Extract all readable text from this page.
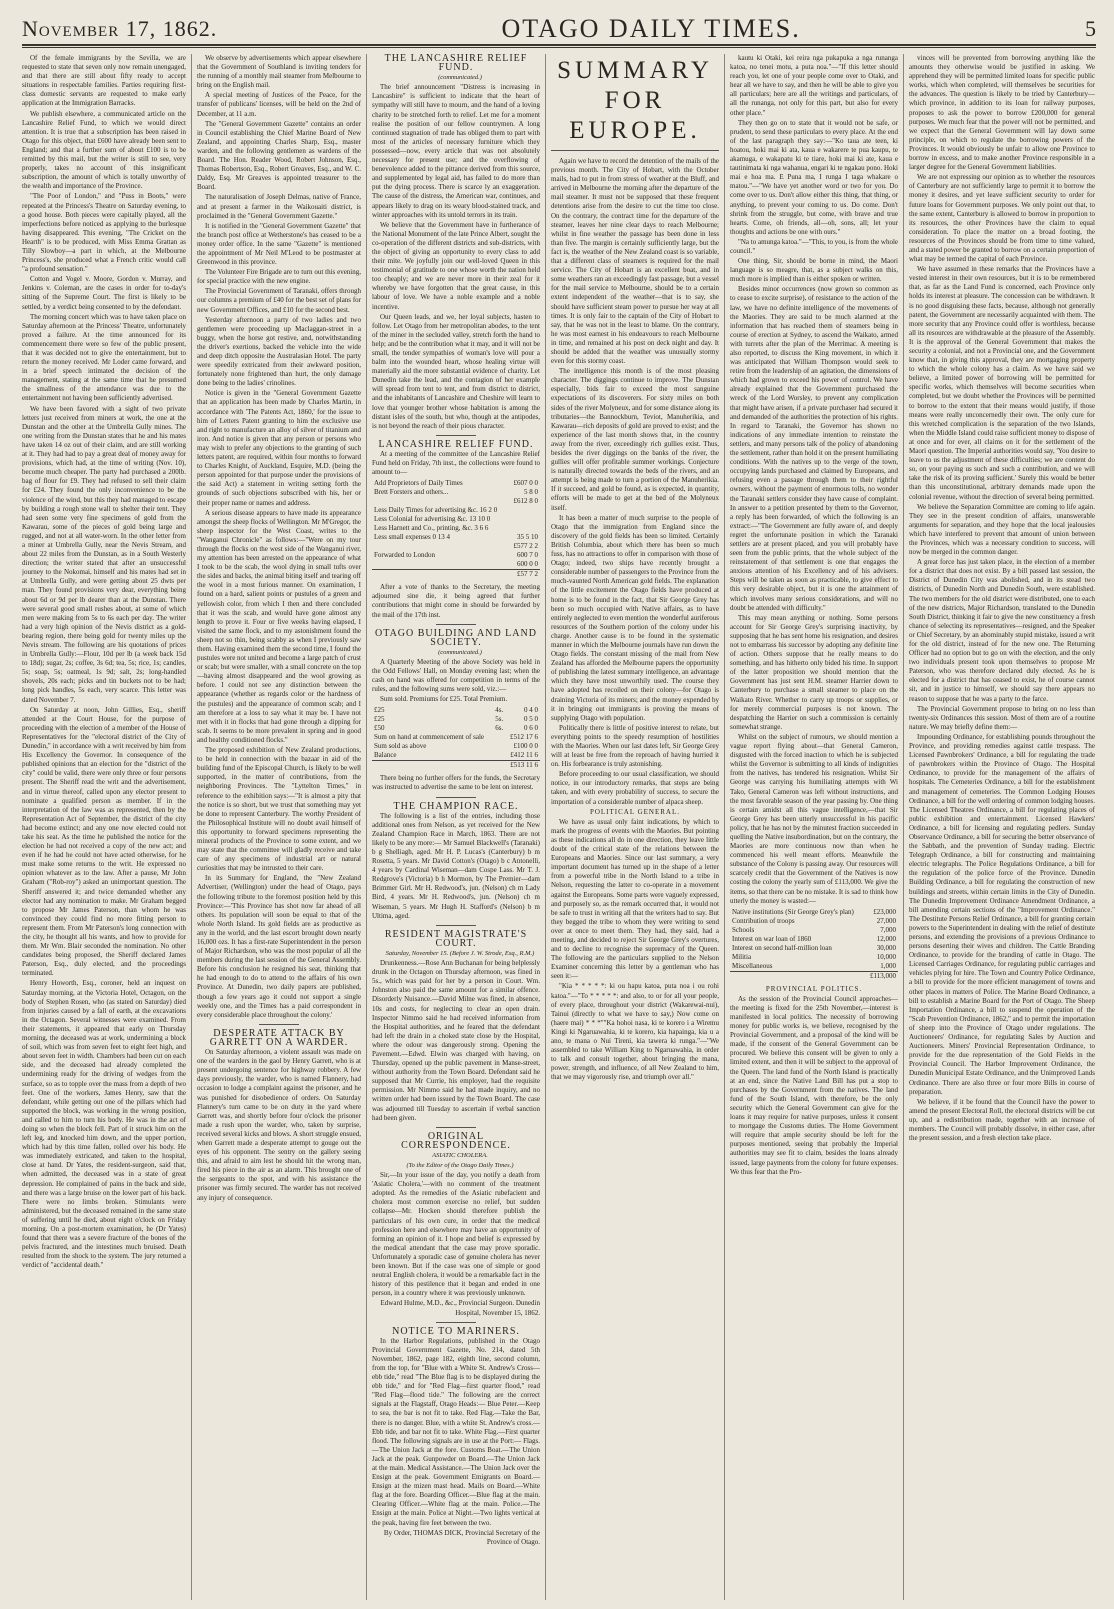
November 17, 1862.	OTAGO DAILY TIMES.	5

Of the female immigrants by the Sevilla, we are requested to state that seven only now remain unengaged, and that there are still about fifty ready to accept situations in respectable families. Parties requiring first-class domestic servants are requested to make early application at the Immigration Barracks.

We publish elsewhere, a communicated article on the Lancashire Relief Fund, to which we would direct attention. It is true that a subscription has been raised in Otago for this object, that £600 have already been sent to England; and that a further sum of about £100 is to be remitted by this mail, but the writer is still to see, very properly, takes no account of this insignificant subscription, the amount of which is totally unworthy of the wealth and importance of the Province.

"The Poor of London," and "Puss in Boots," were repeated at the Princess's Theatre on Saturday evening, to a good house. Both pieces were capitally played, all the imperfections before noticed as applying to the burlesque having disappeared. This evening, "The Cricket on the Hearth" is to be produced, with Miss Emma Grattan as Tilly Slowboy—a part in which, at the Melbourne Princess's, she produced what a French critic would call "a profound sensation."

Cotton and Vogel v. Moore, Gordon v. Murray, and Jenkins v. Coleman, are the cases in order for to-day's sitting of the Supreme Court. The first is likely to be settled, by a verdict being consented to by the defendant.

The morning concert which was to have taken place on Saturday afternoon at the Princess' Theatre, unfortunately proved a failure. At the time announced for its commencement there were so few of the public present, that it was decided not to give the entertainment, but to return the money received. Mr Loder came forward, and in a brief speech intimated the decision of the management, stating at the same time that he presumed the smallness of the attendance was due to the entertainment not having been sufficiently advertised.

We have been favored with a sight of two private letters just received from miners at work, the one at the Dunstan and the other at the Umbrella Gully mines. The one writing from the Dunstan states that he and his mates have taken 14 oz out of their claim, and are still working at it. They had had to pay a great deal of money away for provisions, which had, at the time of writing (Nov. 10), become much cheaper. The party had purchased a 200lb. bag of flour for £9. They had refused to sell their claim for £24. They found the only inconvenience to be the violence of the wind, but this they had managed to escape by building a rough stone wall to shelter their tent. They had seen some very fine specimens of gold from the Kawarau, some of the pieces of gold being large and rugged, and not at all water-worn. In the other letter from a miner at Umbrella Gully, near the Nevis Stream, and about 22 miles from the Dunstan, as in a South Westerly direction; the writer stated that after an unsuccessful journey to the Nokomai, himself and his mates had set in at Umbrella Gully, and were getting about 25 dwts per man. They found provisions very dear, everything being about 6d or 9d per lb dearer than at the Dunstan. There were several good small rushes about, at some of which men were making from 5s to 6s each per day. The writer had a very high opinion of the Nevis district as a gold-bearing region, there being gold for twenty miles up the Nevis stream. The following are his quotations of prices in Umbrella Gully:—Flour, 10d per lb (a week back 15d to 18d); sugar, 2s; coffee, 3s 6d; tea, 5s; rice, 1s; candles, 5s; soap, 5s; oatmeal, 1s 9d; salt, 2s; long-handled shovels, 20s each; picks and tin buckets not to be had; long pick handles, 5s each, very scarce. This letter was dated November 7.

On Saturday at noon, John Gillies, Esq., sheriff attended at the Court House, for the purpose of proceeding with the election of a member of the House of Representatives for the "electoral district of the City of Dunedin," in accordance with a writ received by him from His Excellency the Governor. In consequence of the published opinions that an election for the "district of the city" could be valid, there were only three or four persons present. The Sheriff read the writ and the advertisement, and in virtue thereof, called upon any elector present to nominate a qualified person as member. If in the interpretation of the law was as represented, then by the Representation Act of September, the district of the city had become extinct; and any one now elected could not take his seat. As the time he published the notice for the election he had not received a copy of the new act; and even if he had he could not have acted otherwise, for he must make some returns to the writ. He expressed no opinion whatever as to the law. After a pause, Mr John Graham ("Rob-roy") asked an unimportant question. The Sheriff answered it; and twice demanded whether any elector had any nomination to make. Mr Graham begged to propose Mr James Paterson, than whom he was convinced they could find no more fitting person to represent them. From Mr Paterson's long connection with the city, he thought all his wants, and how to provide for them. Mr Wm. Blair seconded the nomination. No other candidates being proposed, the Sheriff declared James Paterson, Esq., duly elected, and the proceedings terminated.

Henry Howorth, Esq., coroner, held an inquest on Saturday morning, at the Victoria Hotel, Octagon, on the body of Stephen Rosen, who (as stated on Saturday) died from injuries caused by a fall of earth, at the excavations in the Octagon. Several witnesses were examined. From their statements, it appeared that early on Thursday morning, the deceased was at work, undermining a block of soil, which was from seven feet to eight feet high, and about seven feet in width. Chambers had been cut on each side, and the deceased had already completed the undermining ready for the driving of wedges from the surface, so as to topple over the mass from a depth of two feet. One of the workers, James Henry, saw that the defendant, while getting out one of the pillars which had supported the block, was working in the wrong position, and called to him to turn his body. He was in the act of doing so when the block fell. Part of it struck him on the left leg, and knocked him down, and the upper portion, which had by this time fallen, rolled over his body. He was immediately extricated, and taken to the hospital, close at hand. Dr Yates, the resident-surgeon, said that, when admitted, the deceased was in a state of great depression. He complained of pains in the back and side, and there was a large bruise on the lower part of his back. There were no limbs broken. Stimulants were administered, but the deceased remained in the same state of suffering until he died, about eight o'clock on Friday morning. On a post-mortem examination, he (Dr Yates) found that there was a severe fracture of the bones of the pelvis fractured, and the intestines much bruised. Death resulted from the shock to the system. The jury returned a verdict of "accidental death."

We observe by advertisements which appear elsewhere that the Government of Southland is inviting tenders for the running of a monthly mail steamer from Melbourne to bring on the English mail.

A special meeting of Justices of the Peace, for the transfer of publicans' licenses, will be held on the 2nd of December, at 11 a.m.

The "General Government Gazette" contains an order in Council establishing the Chief Marine Board of New Zealand, and appointing Charles Sharp, Esq., master warden, and the following gentlemen as wardens of the Board. The Hon. Reader Wood, Robert Johnson, Esq., Thomas Robertson, Esq., Robert Greaves, Esq., and W. C. Daldy, Esq. Mr Greaves is appointed treasurer to the Board.

The naturalisation of Joseph Delmas, native of France, and at present a farmer in the Waikouaiti district, is proclaimed in the "General Government Gazette."

It is notified in the "General Government Gazette" that the branch post office at Wetherstone's has ceased to be a money order office. In the same "Gazette" is mentioned the appointment of Mr Neil M'Leod to be postmaster at Greenwood in this province.

The Volunteer Fire Brigade are to turn out this evening, for special practice with the new engine.

The Provincial Government of Taranaki, offers through our columns a premium of £40 for the best set of plans for new Government Offices, and £10 for the second best.

Yesterday afternoon a party of two ladies and two gentlemen were proceeding up Maclaggan-street in a buggy, when the horse got restive, and, notwithstanding the driver's exertions, backed the vehicle into the wide and deep ditch opposite the Australasian Hotel. The party were speedily extricated from their awkward position, fortunately none frightened than hurt, the only damage done being to the ladies' crinolines.

Notice is given in the "General Government Gazette that an application has been made by Charles Martin, in accordance with 'The Patents Act, 1860,' for the issue to him of Letters Patent granting to him the exclusive use and right to manufacture an alloy of silver of titanium and iron. And notice is given that any person or persons who may wish to prefer any objections to the granting of such letters patent, are required, within four months to forward to Charles Knight, of Auckland, Esquire, M.D. (being the person appointed for that purpose under the provisions of the said Act) a statement in writing setting forth the grounds of such objections subscribed with his, her or their proper name or names and address.

A serious disease appears to have made its appearance amongst the sheep flocks of Wellington. Mr M'Gregor, the sheep inspector for the West Coast, writes to the "Wanganui Chronicle" as follows:—"Were on my tour through the flocks on the west side of the Wanganui river, my attention has been arrested on the appearance of what I took to be the scab, the wool dying in small tufts over the sides and backs, the animal biting itself and tearing off the wool in a most furious manner. On examination, I found on a hard, salient points or pustules of a green and yellowish color, from which I then and there concluded that it was the scab, and would have gone almost any length to prove it. Four or five weeks having elapsed, I visited the same flock, and to my astonishment found the sheep not so thin, being scabby as when I previously saw them. Having examined them the second time, I found the pustules were not united and become a large patch of crust or scab; but were smaller, with a small concrete on the top—having almost disappeared and the wool growing as before. I could not see any distinction between the appearance (whether as regards color or the hardness of the pustules) and the appearance of common scab; and I am therefore at a loss to say what it may be. I have not met with it in flocks that had gone through a dipping for scab. It seems to be more prevalent in spring and in good and healthy conditioned flocks."

The proposed exhibition of New Zealand productions, to be held in connection with the bazaar in aid of the building fund of the Episcopal Church, is likely to be well supported, in the matter of contributions, from the neighboring Provinces. The "Lyttelton Times," in reference to the exhibition says:—"It is almost a pity that the notice is so short, but we trust that something may yet be done to represent Canterbury. The worthy President of the Philosophical Institute will no doubt avail himself of this opportunity to forward specimens representing the mineral products of the Province to some extent, and we may state that the committee will gladly receive and take care of any specimens of industrial art or natural curiosities that may be intrusted to their care.

In its Summary for England, the "New Zealand Advertiser, (Wellington) under the head of Otago, pays the following tribute to the foremost position held by this Province:—'This Province has shot now far ahead of all others. Its population will soon be equal to that of the whole North Island. Its gold fields are as productive as any in the world, and the last escort brought down nearly 16,000 ozs. It has a first-rate Superintendent in the person of Major Richardson, who was the most popular of all the members during the last session of the General Assembly. Before his conclusion he resigned his seat, thinking that he had enough to do to attend to the affairs of his own Province. At Dunedin, two daily papers are published, though a few years ago it could not support a single weekly one, and the Times has a paid correspondent in every considerable place throughout the colony.'

DESPERATE ATTACK BY GARRETT ON A WARDER.

On Saturday afternoon, a violent assault was made on one of the warders in the gaol by Henry Garrett, who is at present undergoing sentence for highway robbery. A few days previously, the warder, who is named Flannery, had occasion to lodge a complaint against the prisoner, and he was punished for disobedience of orders. On Saturday Flannery's turn came to be on duty in the yard where Garrett was, and shortly before four o'clock the prisoner made a rush upon the warder, who, taken by surprise, received several kicks and blows. A short struggle ensued, when Garrett made a desperate attempt to gouge out the eyes of his opponent. The sentry on the gallery seeing this, and afraid to aim lest he should hit the wrong man, fired his piece in the air as an alarm. This brought one of the sergeants to the spot, and with his assistance the prisoner was firmly secured. The warder has not received any injury of consequence.

THE LANCASHIRE RELIEF FUND.

(communicated.)

The brief announcement "Distress is increasing in Lancashire" is sufficient to indicate that the heart of sympathy will still have to mourn, and the hand of a loving charity to be stretched forth to relief. Let me for a moment realise the position of our fellow countrymen. A long continued stagnation of trade has obliged them to part with most of the articles of necessary furniture which they possessed—now, every article that was not absolutely necessary for present use; and the overflowing of benevolence added to the pittance derived from this source, and supplemented by legal aid, has failed to do more than put the dying process. There is scarce ly an exaggeration. The cause of the distress, the American war, continues, and appears likely to drag on its weary blood-stained track, and winter approaches with its untold terrors in its train.

We believe that the Government have in furtherance of the National Monument of the late Prince Albert, sought the co-operation of the different districts and sub-districts, with the object of giving an opportunity to every class to add their mite. We joyfully join our well-loved Queen in this testimonial of gratitude to one whose worth the nation held too cheaply; and we are never more in their zeal for it whereby we have forgotten that the great cause, in this labour of love. We have a noble example and a noble incentive.

Our Queen leads, and we, her loyal subjects, hasten to follow. Let Otago from her metropolitan abodes, to the tent of the miner in the secluded valley, stretch forth the hand to help; and be the contribution what it may, and it will not be small, the tender sympathies of woman's love will pour a balm into the wounded heart, whose healing virtue will materially aid the more substantial evidence of charity. Let Dunedin take the lead, and the contagion of her example will spread from tent to tent, and from district to district, and the inhabitants of Lancashire and Cheshire will learn to love that younger brother whose habitation is among the distant isles of the south, but who, though at the antipodes, is not beyond the reach of their pious character.

LANCASHIRE RELIEF FUND.

At a meeting of the committee of the Lancashire Relief Fund held on Friday, 7th inst., the collections were found to amount to—

Add Proprietors of Daily Times	£607 0 0
Brett Forsters and others...	5 8 0
	£612 8 0
Less Daily Times for advertising &c. 16 2 0	
Less Colonial for advertising &c. 13 10 0	
Less Harnett and Co., printing, &c. 3 6 6	
Less small expenses 0 13 4	35 5 10
	£577 2 2
Forwarded to London	600 7 0
	600 0 0
	£57 7 2

After a vote of thanks to the Secretary, the meeting adjourned sine die, it being agreed that further contributions that might come in should be forwarded by the mail of the 17th inst.

OTAGO BUILDING AND LAND SOCIETY.

(communicated.)

A Quarterly Meeting of the above Society was held in the Odd Fellows' Hall, on Monday evening last; when the cash on hand was offered for competition in terms of the rules, and the following sums were sold, viz.:—

Sum sold. Premiums for £25. Total Premium.

£25	4s.	0 4 0
£25	5s.	0 5 0
£50	6s.	0 6 0
Sum on hand at commencement of sale		£512 17 6
Sum sold as above		£100 0 0
Balance		£412 11 6
		£513 11 6

There being no further offers for the funds, the Secretary was instructed to advertise the same to be lent on interest.

THE CHAMPION RACE.

The following is a list of the entries, including those additional ones from Nelson, as yet received for the New Zealand Champion Race in March, 1863. There are not likely to be any more:— Mr Samuel Blackwell's (Taranaki) b g Shelliagh, aged. Mr H. P. Lucas's (Canterbury) b m Rosetta, 5 years. Mr David Cotton's (Otago) b c Antonelli, 4 years by Cardinal Wiseman—dam Cospe Lass. Mr T. J. Redgrove's (Victoria) b h Mormon, by The Premier—dam Brimmer Girl. Mr H. Redwood's, jun. (Nelson) ch m Lady Bird, 4 years. Mr H. Redwood's, jun. (Nelson) ch m Wiseman, 5 years. Mr Hugh H. Stafford's (Nelson) b m Ultima, aged.

RESIDENT MAGISTRATE'S COURT.

Saturday, November 15. (Before J. W. Strode, Esq., R.M.)

Drunkenness.—Rose Ann Buchanan for being helplessly drunk in the Octagon on Thursday afternoon, was fined in 5s., which was paid for her by a person in Court. Wm. Johnston also paid the same amount for a similar offence. Disorderly Nuisance.—David Milne was fined, in absence, 10s and costs, for neglecting to clear an open drain. Inspector Nimmo said he had received information from the Hospital authorities, and he feared that the defendant had left the drain in a choked state close by the Hospital, where the odour was dangerously strong. Opening the Pavement.—Edwd. Elwin was charged with having, on Thursday, opened up the public pavement in Manse-street, without authority from the Town Board. Defendant said he supposed that Mr Currie, his employer, had the requisite permission. Mr Nimmo said he had made inquiry, and no written order had been issued by the Town Board. The case was adjourned till Tuesday to ascertain if verbal sanction had been given.

ORIGINAL CORRESPONDENCE.

ASIATIC CHOLERA.

(To the Editor of the Otago Daily Times.)

Sir,—In your issue of the day, you notify a death from 'Asiatic Cholera,'—with no comment of the treatment adopted. As the remedies of the Asiatic rubefacient and cholera most common exercise no relief, but sudden collapse—Mr. Hocken should therefore publish the particulars of his own cure, in order that the medical profession here and elsewhere may have an opportunity of forming an opinion of it. I hope and belief is expressed by the medical attendant that the case may prove sporadic. Unfortunately a sporadic case of genuine cholera has never been known. But if the case was one of simple or good neutral English cholera, it would be a remarkable fact in the history of this pestilence that it began and ended in one person, in a country where it was previously unknown.

Edward Hulme, M.D., &c., Provincial Surgeon. Dunedin Hospital, November 15, 1862.

NOTICE TO MARINERS.

In the Harbor Regulations, published in the Otago Provincial Government Gazette, No. 214, dated 5th November, 1862, page 182, eighth line, second column, from the top, for "Blue with a White St. Andrew's Cross—ebb tide," read "The Blue flag is to be displayed during the ebb tide," and for "Red Flag—first quarter flood," read "Red Flag—flood tide." The following are the correct signals at the Flagstaff, Otago Heads:— Blue Peter.—Keep to sea, the bar is not fit to take. Red Flag.—Take the Bar, there is no danger. Blue, with a white St. Andrew's cross.—Ebb tide, and bar not fit to take. White Flag.—First quarter flood. The following signals are in use at the Port:— Flags.—The Union Jack at the fore. Customs Boat.—The Union Jack at the peak. Gunpowder on Board.—The Union Jack at the main. Medical Assistance.—The Union Jack over the Ensign at the peak. Government Emigrants on Board.—Ensign at the mizen mast head. Mails on Board.—White flag at the fore. Boarding Officer.—Blue flag at the main. Clearing Officer.—White flag at the main. Police.—The Ensign at the main. Police at Night.—Two lights vertical at the peak, having fire feet between the two.

By Order, THOMAS DICK, Provincial Secretary of the Province of Otago.

SUMMARY
FOR EUROPE.

Again we have to record the detention of the mails of the previous month. The City of Hobart, with the October mails, had to put in from stress of weather at the Bluff, and arrived in Melbourne the morning after the departure of the mail steamer. It must not be supposed that these frequent detentions arise from the desire to cut the time too close. On the contrary, the contract time for the departure of the steamer, leaves her nine clear days to reach Melbourne; whilst in fine weather the passage has been done in less than five. The margin is certainly sufficiently large, but the fact is, the weather of the New Zealand coast is so variable, that a different class of steamers is required for the mail service. The City of Hobart is an excellent boat, and in some weathers ran an exceedingly fast passage, but a vessel for the mail service to Melbourne, should be to a certain extent independent of the weather—that is to say, she should have sufficient steam power to pursue her way at all times. It is only fair to the captain of the City of Hobart to say, that he was not in the least to blame. On the contrary, he was most earnest in his endeavours to reach Melbourne in time, and remained at his post on deck night and day. It should be added that the weather was unusually stormy even for this stormy coast.

The intelligence this month is of the most pleasing character. The diggings continue to improve. The Dunstan especially, bids fair to exceed the most sanguine expectations of its discoverers. For sixty miles on both sides of the river Molyneux, and for some distance along its tributaries—the Bannockburn, Teviot, Manuherikia, and Kawarau—rich deposits of gold are proved to exist; and the experience of the last month shows that, in the country away from the river, exceedingly rich gullies exist. Thus, besides the river diggings on the banks of the river, the gullies will offer profitable summer workings. Conjecture is naturally directed towards the beds of the rivers, and an attempt is being made to turn a portion of the Manuherikia. If it succeed, and gold be found, as is expected, in quantity, efforts will be made to get at the bed of the Molyneux itself.

It has been a matter of much surprise to the people of Otago that the immigration from England since the discovery of the gold fields has been so limited. Certainly British Columbia, about which there has been so much fuss, has no attractions to offer in comparison with those of Otago; indeed, two ships have recently brought a considerable number of passengers to the Province from the much-vaunted North American gold fields. The explanation of the little excitement the Otago fields have produced at home is to be found in the fact, that Sir George Grey has been so much occupied with Native affairs, as to have entirely neglected to even mention the wonderful auriferous resources of the Southern portion of the colony under his charge. Another cause is to be found in the systematic manner in which the Melbourne journals have run down the Otago fields. The constant missing of the mail from New Zealand has afforded the Melbourne papers the opportunity of publishing the latest summary intelligence, an advantage which they have most unworthily used. The course they have adopted has recoiled on their colony—for Otago is draining Victoria of its miners; and the money expended by it in bringing out immigrants is proving the means of supplying Otago with population.

Politically there is little of positive interest to relate, but everything points to the speedy resumption of hostilities with the Maories. When our last dates left, Sir George Grey will at least be free from the reproach of having hurried it on. His forbearance is truly astonishing.

Before proceeding to our usual classification, we should notice, in our introductory remarks, that steps are being taken, and with every probability of success, to secure the importation of a considerable number of alpaca sheep.

POLITICAL GENERAL.

We have as usual only faint indications, by which to mark the progress of events with the Maories. But pointing as these indications all do in one direction, they leave little doubt of the critical state of the relations between the Europeans and Maories. Since our last summary, a very important document has turned up in the shape of a letter from a powerful tribe in the North Island to a tribe in Nelson, requesting the latter to co-operate in a movement against the Europeans. Some parts were vaguely expressed, and purposely so, as the remark occurred that, it would not be safe to trust in writing all that the writers had to say. But they begged the tribe to whom they were writing to send over at once to meet them. They had, they said, had a meeting, and decided to reject Sir George Grey's overtures, and to decline to recognise the supremacy of the Queen. The following are the particulars supplied to the Nelson Examiner concerning this letter by a gentleman who has seen it:—

"Kia * * * * *: ki ou hapu katoa, puta noa i ou rohi katoa."—"To * * * * *: and also, to or for all your people, of every place, throughout your district (Wakarewai-nui), Tainui (directly to what we have to say,) Now come on (haere mai) * * *""Ka hohoi nasa, ki te korero i a Wiremu Kingi ki Ngaruawahia, ki te korero, kia hapainga, kia u a ano, te mana o Nui Tireni, kia tawera ki runga."—"We assembled to take William King to Ngaruawahia, in order to talk and consult together, about bringing the mana, power, strength, and influence, of all New Zealand to him, that we may vigorously rise, and triumph over all."

kautu ki Otaki, kei reira nga pukapuka a nga runanga katoa, no tenei motu, a puta noa."—"If this letter should reach you, let one of your people come over to Otaki, and hear all we have to say, and then he will be able to give you all particulars; here are all the writings and particulars, of all the runanga, not only for this part, but also for every other place."

They then go on to state that it would not be safe, or prudent, to send these particulars to every place. At the end of the last paragraph they say:—"Ko taua ate teen, ki hoatou, hoki mai ki ata, kaua e wakarere te pua kaupu, te akamuga, e wakapatu ki te tiare, hoki mai ki ate, kaua e tautinimata ki nga wahanua, engari ki te ngakau pono. Hoki mai e hoa ma. E Puna ma, I runga I taga whakare o matou."—"We have yet another word or two for you. Do come over to us. Don't allow either this thing, that thing, or anything, to prevent your coming to us. Do come. Don't shrink from the struggle, but come, with brave and true hearts. Come, oh friends, all—oh, sons, all; let your thoughts and actions be one with ours."

"Na to amunga katoa."—"This, to you, is from the whole council."

One thing, Sir, should be borne in mind, the Maori language is so meagre, that, as a subject walks on this, much more is implied than is either spoken or written.

Besides minor occurrences (now grown so common as to cease to excite surprise), of resistance to the action of the law, we have no definite intelligence of the movements of the Maories. They are said to be much alarmed at the information that has reached them of steamers being in course of erection at Sydney, to ascend the Waikato, armed with turrets after the plan of the Merrimac. A meeting is also reported, to discuss the King movement, in which it was anticipated that William Thompson would seek to retire from the leadership of an agitation, the dimensions of which had grown to exceed his power of control. We have already explained that the Government purchased the wreck of the Lord Worsley, to prevent any complication that might have arisen, if a private purchaser had secured it and demanded of the authorities the protection of his rights. In regard to Taranaki, the Governor has shown no indications of any immediate intention to reinstate the settlers, and many persons talk of the policy of abandoning the settlement, rather than hold it on the present humiliating conditions. With the natives up to the verge of the town, occupying lands purchased and claimed by Europeans, and refusing even a passage through them to their rightful owners, without the payment of enormous tolls, no wonder the Taranaki settlers consider they have cause of complaint. In answer to a petition presented by them to the Governor, a reply has been forwarded, of which the following is an extract:—"The Government are fully aware of, and deeply regret the unfortunate position in which the Taranaki settlers are at present placed, and you will probably have seen from the public prints, that the whole subject of the reinstatement of that settlement is one that engages the anxious attention of his Excellency and of his advisers. Steps will be taken as soon as practicable, to give effect to this very desirable object, but it is one the attainment of which involves many serious considerations, and will no doubt be attended with difficulty."

This may mean anything or nothing. Some persons account for Sir George Grey's surprising inactivity, by supposing that he has sent home his resignation, and desires not to embarrass his successor by adopting any definite line of action. Others suppose that he really means to do something, and has hitherto only bided his time. In support of the latter proposition we should mention that the Government has just sent H.M. steamer Harrier down to Canterbury to purchase a small steamer to place on the Waikato River. Whether to carry up troops or supplies, or for merely commercial purposes is not known. The despatching the Harrier on such a commission is certainly somewhat strange.

Whilst on the subject of rumours, we should mention a vague report flying about—that General Cameron, disgusted with the forced inaction to which he is subjected whilst the Governor is submitting to all kinds of indignities from the natives, has tendered his resignation. Whilst Sir George was carrying his humiliating attempts with Wi Tako, General Cameron was left without instructions, and the most favorable season of the year passing by. One thing is certain amidst all this vague intelligence,—that Sir George Grey has been utterly unsuccessful in his pacific policy, that he has not by the minutest fraction succeeded in quelling the Native insubordination, but on the contrary, the Maories are more continuous now than when he commenced his well meant efforts. Meanwhile the substance of the Colony is passing away. Our resources will scarcely credit that the Government of the Natives is now costing the colony the yearly sum of £113,000. We give the items, so that there can be no mistake. It is sad to think how utterly the money is wasted:—

Native institutions (Sir George Grey's plan)	£23,000
Contribution of troops	27,000
Schools	7,000
Interest on war loan of 1860	12,000
Interest on second half-million loan	30,000
Militia	10,000
Miscellaneous	1,000
	£113,000

PROVINCIAL POLITICS.

As the session of the Provincial Council approaches—the meeting is fixed for the 25th November,—interest is manifested in local politics. The necessity of borrowing money for public works is, we believe, recognised by the Provincial Government, and a proposal of the kind will be made, if the consent of the General Government can be procured. We believe this consent will be given to only a limited extent, and then it will be subject to the approval of the Queen. The land fund of the North Island is practically at an end, since the Native Land Bill has put a stop to purchases by the Government from the natives. The land fund of the South Island, with therefore, be the only security which the General Government can give for the loans it may require for native purposes, unless it consent to mortgage the Customs duties. The Home Government will require that ample security should be left for the purposes mentioned, seeing that probably the Imperial authorities may see fit to claim, besides the loans already issued, large payments from the colony for future expenses. We thus fear that the Pro-

vinces will be prevented from borrowing anything like the amounts they otherwise would be justified in asking. We apprehend they will be permitted limited loans for specific public works, which when completed, will themselves be securities for the advances. The question is likely to be tried by Canterbury—which province, in addition to its loan for railway purposes, proposes to ask the power to borrow £200,000 for general purposes. We much fear that the power will not be permitted, and we expect that the General Government will lay down some principle, on which to regulate the borrowing powers of the Provinces. It would obviously be unfair to allow one Province to borrow in excess, and to make another Province responsible in a larger degree for the General Government liabilities.

We are not expressing our opinion as to whether the resources of Canterbury are not sufficiently large to permit it to borrow the money it desires, and yet leave sufficient security to order for future loans for Government purposes. We only point out that, to the same extent, Canterbury is allowed to borrow in proportion to its resources, the other Provinces have the claim to equal consideration. To place the matter on a broad footing, the resources of the Provinces should be from time to time valued, and a stated power be granted to borrow on a certain proportion of what may be termed the capital of each Province.

We have assumed in these remarks that the Provinces have a vested interest in their own resources, but it is to be remembered that, as far as the Land Fund is concerned, each Province only holds its interest at pleasure. The concession can be withdrawn. It is no good disguising these facts, because, although not generally patent, the Government are necessarily acquainted with them. The more security that any Province could offer is worthless, because all its resources are withdrawable at the pleasure of the Assembly. It is the approval of the General Government that makes the security a colonial, and not a Provincial one, and the Government know that, in giving this approval, they are mortgaging property to which the whole colony has a claim. As we have said we believe, a limited power of borrowing will be permitted for specific works, which themselves will become securities when completed, but we doubt whether the Provinces will be permitted to borrow to the extent that their means would justify, if those means were really unconcernedly their own. The only cure for this wretched complication is the separation of the two Islands, when the Middle Island could raise sufficient money to dispose of at once and for ever, all claims on it for the settlement of the Maori question. The Imperial authorities would say, 'You desire to leave to us the adjustment of these difficulties; we are content do so, on your paying us such and such a contribution, and we will take the risk of its proving sufficient.' Surely this would be better than this unconstitutional, arbitrary demands made upon the colonial revenue, without the direction of several being permitted.

We believe the Separation Committee are coming to life again. They see in the present condition of affairs, unanswerable arguments for separation, and they hope that the local jealousies which have interfered to prevent that amount of union between the Provinces, which was a necessary condition to success, will now be merged in the common danger.

A great force has just taken place, in the election of a member for a district that does not exist. By a bill passed last session, the District of Dunedin City was abolished, and in its stead two districts, of Dunedin North and Dunedin South, were established. The two members for the old district were distributed, one to each of the new districts, Major Richardson, translated to the Dunedin South District, thinking it fair to give the new constituency a fresh chance of selecting its representatives—resigned, and the Speaker or Chief Secretary, by an abominably stupid mistake, issued a writ for the old district, instead of for the new one. The Returning Officer had no option but to go on with the election, and the only two individuals present took upon themselves to propose Mr Paterson, who was therefore declared duly elected. As he is elected for a district that has ceased to exist, he of course cannot sit, and in justice to himself, we should say there appears no reason to suppose that he was a party to the farce.

The Provincial Government propose to bring on no less than twenty-six Ordinances this session. Most of them are of a routine nature. We may briefly define them:—

Impounding Ordinance, for establishing pounds throughout the Province, and providing remedies against cattle trespass. The Licensed Pawnbrokers' Ordinance, a bill for regulating the trade of pawnbrokers within the Province of Otago. The Hospital Ordinance, to provide for the management of the affairs of hospitals. The Cemeteries Ordinance, a bill for the establishment and management of cemeteries. The Common Lodging Houses Ordinance, a bill for the well ordering of common lodging houses. The Licensed Theatres Ordinance, a bill for regulating places of public exhibition and entertainment. Licensed Hawkers' Ordinance, a bill for licensing and regulating pedlers. Sunday Observance Ordinance, a bill for securing the better observance of the Sabbath, and the prevention of Sunday trading. Electric Telegraph Ordinance, a bill for constructing and maintaining electric telegraphs. The Police Regulations Ordinance, a bill for the regulation of the police force of the Province. Dunedin Building Ordinance, a bill for regulating the construction of new buildings and streets, within certain limits in the City of Dunedin. The Dunedin Improvement Ordinance Amendment Ordinance, a bill amending certain sections of the "Improvement Ordinance." The Destitute Persons Relief Ordinance, a bill for granting certain powers to the Superintendent in dealing with the relief of destitute persons, and extending the provisions of a previous Ordinance to persons deserting their wives and children. The Cattle Branding Ordinance, to provide for the branding of cattle in Otago. The Licensed Carriages Ordinance, for regulating public carriages and vehicles plying for hire. The Town and Country Police Ordinance, a bill to provide for the more efficient management of towns and other places in matters of Police. The Marine Board Ordinance, a bill to establish a Marine Board for the Port of Otago. The Sheep Importation Ordinance, a bill to suspend the operation of the "Scab Prevention Ordinance, 1862," and to permit the importation of sheep into the Province of Otago under regulations. The Auctioneers' Ordinance, for regulating Sales by Auction and Auctioneers. Miners' Provincial Representation Ordinance, to provide for the due representation of the Gold Fields in the Provincial Council. The Harbor Improvement Ordinance, the Dunedin Municipal Estate Ordinance, and the Unimproved Lands Ordinance. There are also three or four more Bills in course of preparation.

We believe, if it be found that the Council have the power to amend the present Electoral Roll, the electoral districts will be cut up, and a redistribution made, together with an increase of members. The Council will probably dissolve, in either case, after the present session, and a fresh election take place.
